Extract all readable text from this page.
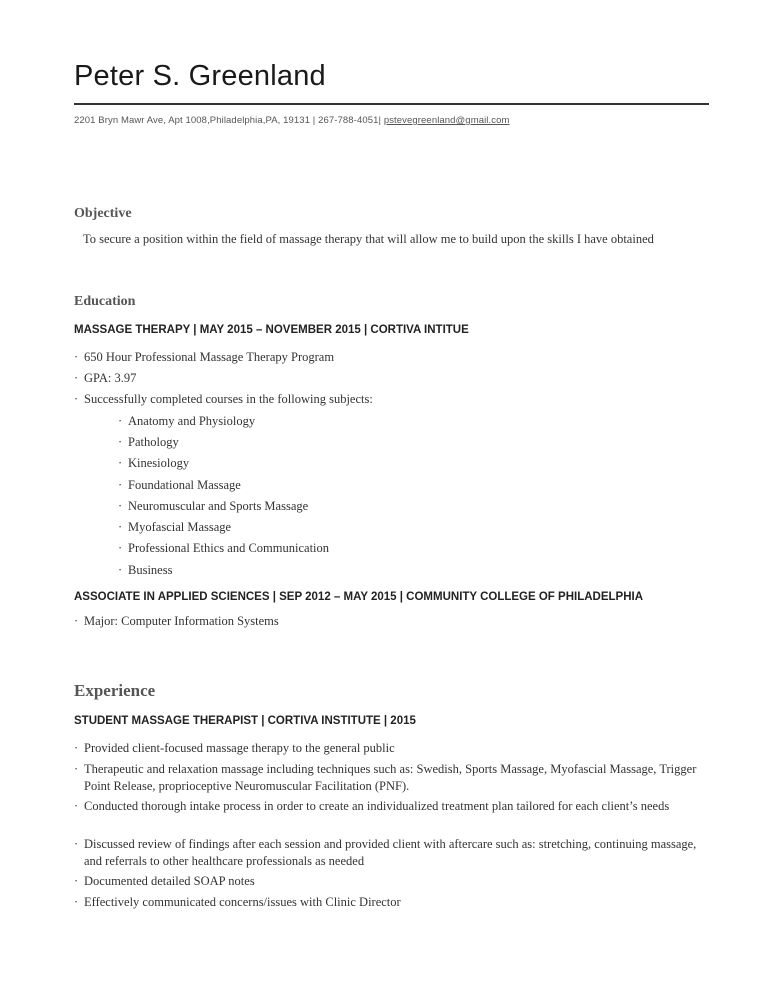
Peter S. Greenland
2201 Bryn Mawr Ave, Apt 1008,Philadelphia,PA, 19131 | 267-788-4051| pstevegreenland@gmail.com
Objective
To secure a position within the field of massage therapy that will allow me to build upon the skills I have obtained
Education
MASSAGE THERAPY | MAY 2015 – NOVEMBER 2015 | CORTIVA INTITUE
· 650 Hour Professional Massage Therapy Program
· GPA: 3.97
· Successfully completed courses in the following subjects:
· Anatomy and Physiology
· Pathology
· Kinesiology
· Foundational Massage
· Neuromuscular and Sports Massage
· Myofascial Massage
· Professional Ethics and Communication
· Business
ASSOCIATE IN APPLIED SCIENCES | SEP 2012 – MAY 2015 | COMMUNITY COLLEGE OF PHILADELPHIA
· Major: Computer Information Systems
Experience
STUDENT MASSAGE THERAPIST | CORTIVA INSTITUTE | 2015
· Provided client-focused massage therapy to the general public
· Therapeutic and relaxation massage including techniques such as: Swedish, Sports Massage, Myofascial Massage, Trigger Point Release, proprioceptive Neuromuscular Facilitation (PNF).
· Conducted thorough intake process in order to create an individualized treatment plan tailored for each client’s needs
· Discussed review of findings after each session and provided client with aftercare such as: stretching, continuing massage, and referrals to other healthcare professionals as needed
· Documented detailed SOAP notes
· Effectively communicated concerns/issues with Clinic Director
